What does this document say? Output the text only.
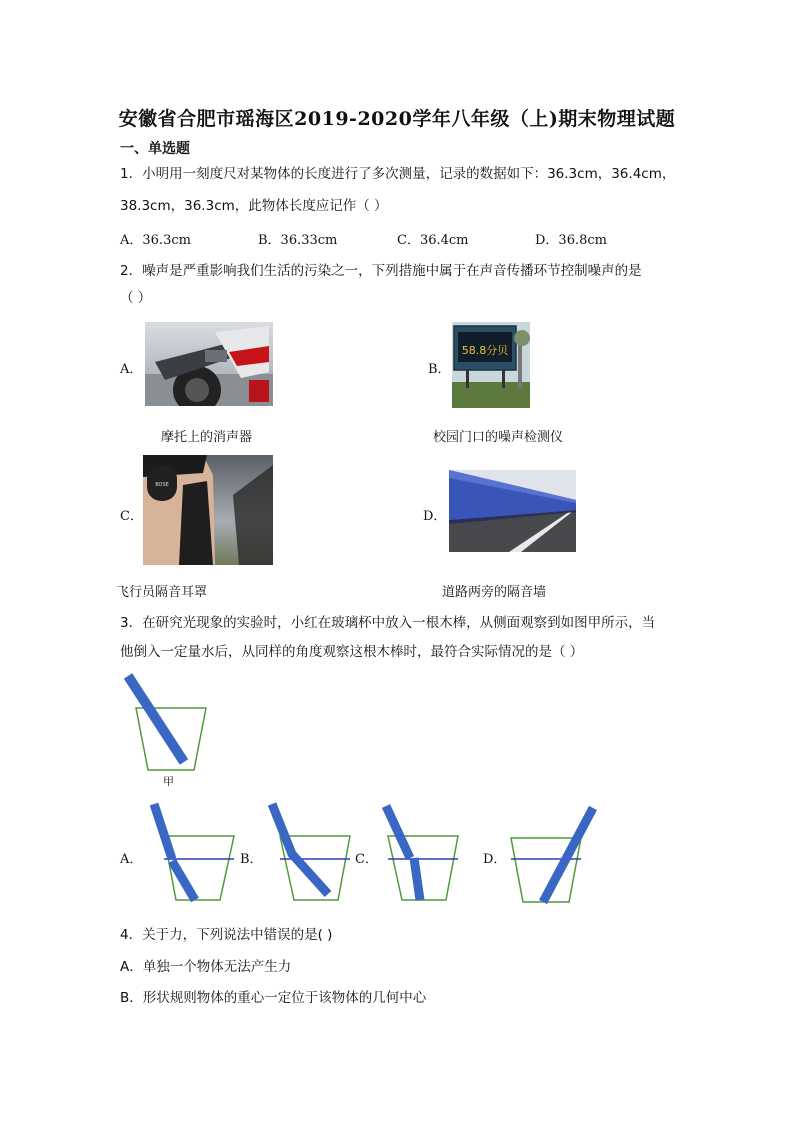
安徽省合肥市瑶海区2019-2020学年八年级（上)期末物理试题
一、单选题
1．小明用一刻度尺对某物体的长度进行了多次测量，记录的数据如下：36.3cm，36.4cm，
38.3cm，36.3cm，此物体长度应记作（ ）
A．36.3cm	B．36.33cm	C．36.4cm	D．36.8cm
2．噪声是严重影响我们生活的污染之一，下列措施中属于在声音传播环节控制噪声的是
（ ）
A．
摩托上的消声器
B．
58.8分贝
校园门口的噪声检测仪
C．
BOSE
飞行员隔音耳罩
D．
道路两旁的隔音墙
3．在研究光现象的实验时，小红在玻璃杯中放入一根木棒，从侧面观察到如图甲所示，当
他倒入一定量水后，从同样的角度观察这根木棒时，最符合实际情况的是（ ）
甲
A．	B．	C．	D．
4．关于力，下列说法中错误的是( )
A．单独一个物体无法产生力
B．形状规则物体的重心一定位于该物体的几何中心
